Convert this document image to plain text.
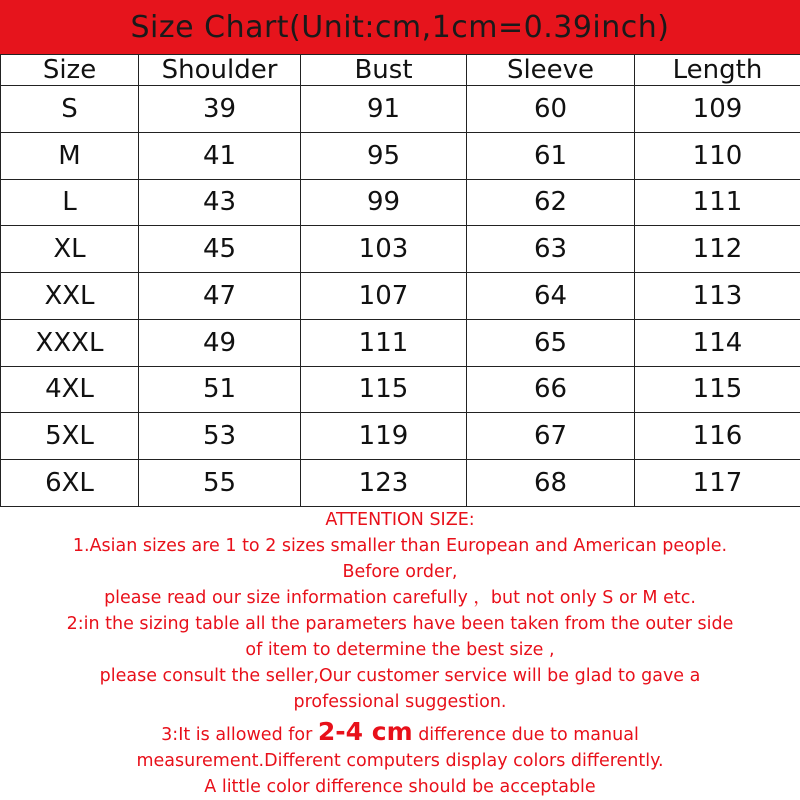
Size Chart(Unit:cm,1cm=0.39inch)
Size	Shoulder	Bust	Sleeve	Length
S	39	91	60	109
M	41	95	61	110
L	43	99	62	111
XL	45	103	63	112
XXL	47	107	64	113
XXXL	49	111	65	114
4XL	51	115	66	115
5XL	53	119	67	116
6XL	55	123	68	117
ATTENTION SIZE:
1.Asian sizes are 1 to 2 sizes smaller than European and American people.
Before order,
please read our size information carefully ，but not only S or M etc.
2:in the sizing table all the parameters have been taken from the outer side
of item to determine the best size ,
please consult the seller,Our customer service will be glad to gave a
professional suggestion.
3:It is allowed for 2-4 cm difference due to manual
measurement.Different computers display colors differently.
A little color difference should be acceptable
